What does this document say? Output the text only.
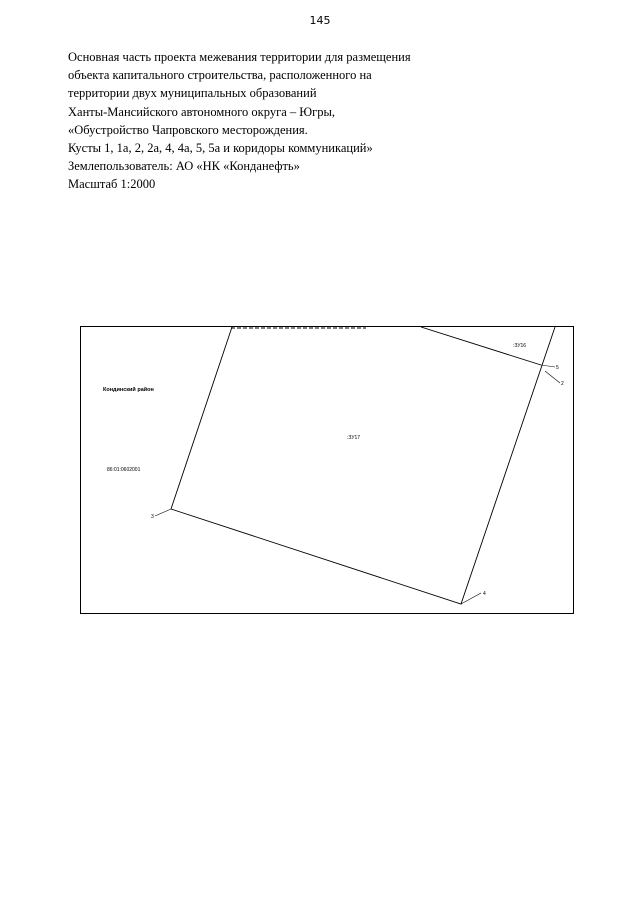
145
Основная часть проекта межевания территории для размещения
объекта капитального строительства, расположенного на
территории двух муниципальных образований
Ханты-Мансийского автономного округа – Югры,
«Обустройство Чапровского месторождения.
Кусты 1, 1а, 2, 2а, 4, 4а, 5, 5а и коридоры коммуникаций»
Землепользователь: АО «НК «Конданефть»
Масштаб 1:2000
Кондинский район
86:01:0602001
:ЗУ17
:ЗУ16
3
4
5
2
